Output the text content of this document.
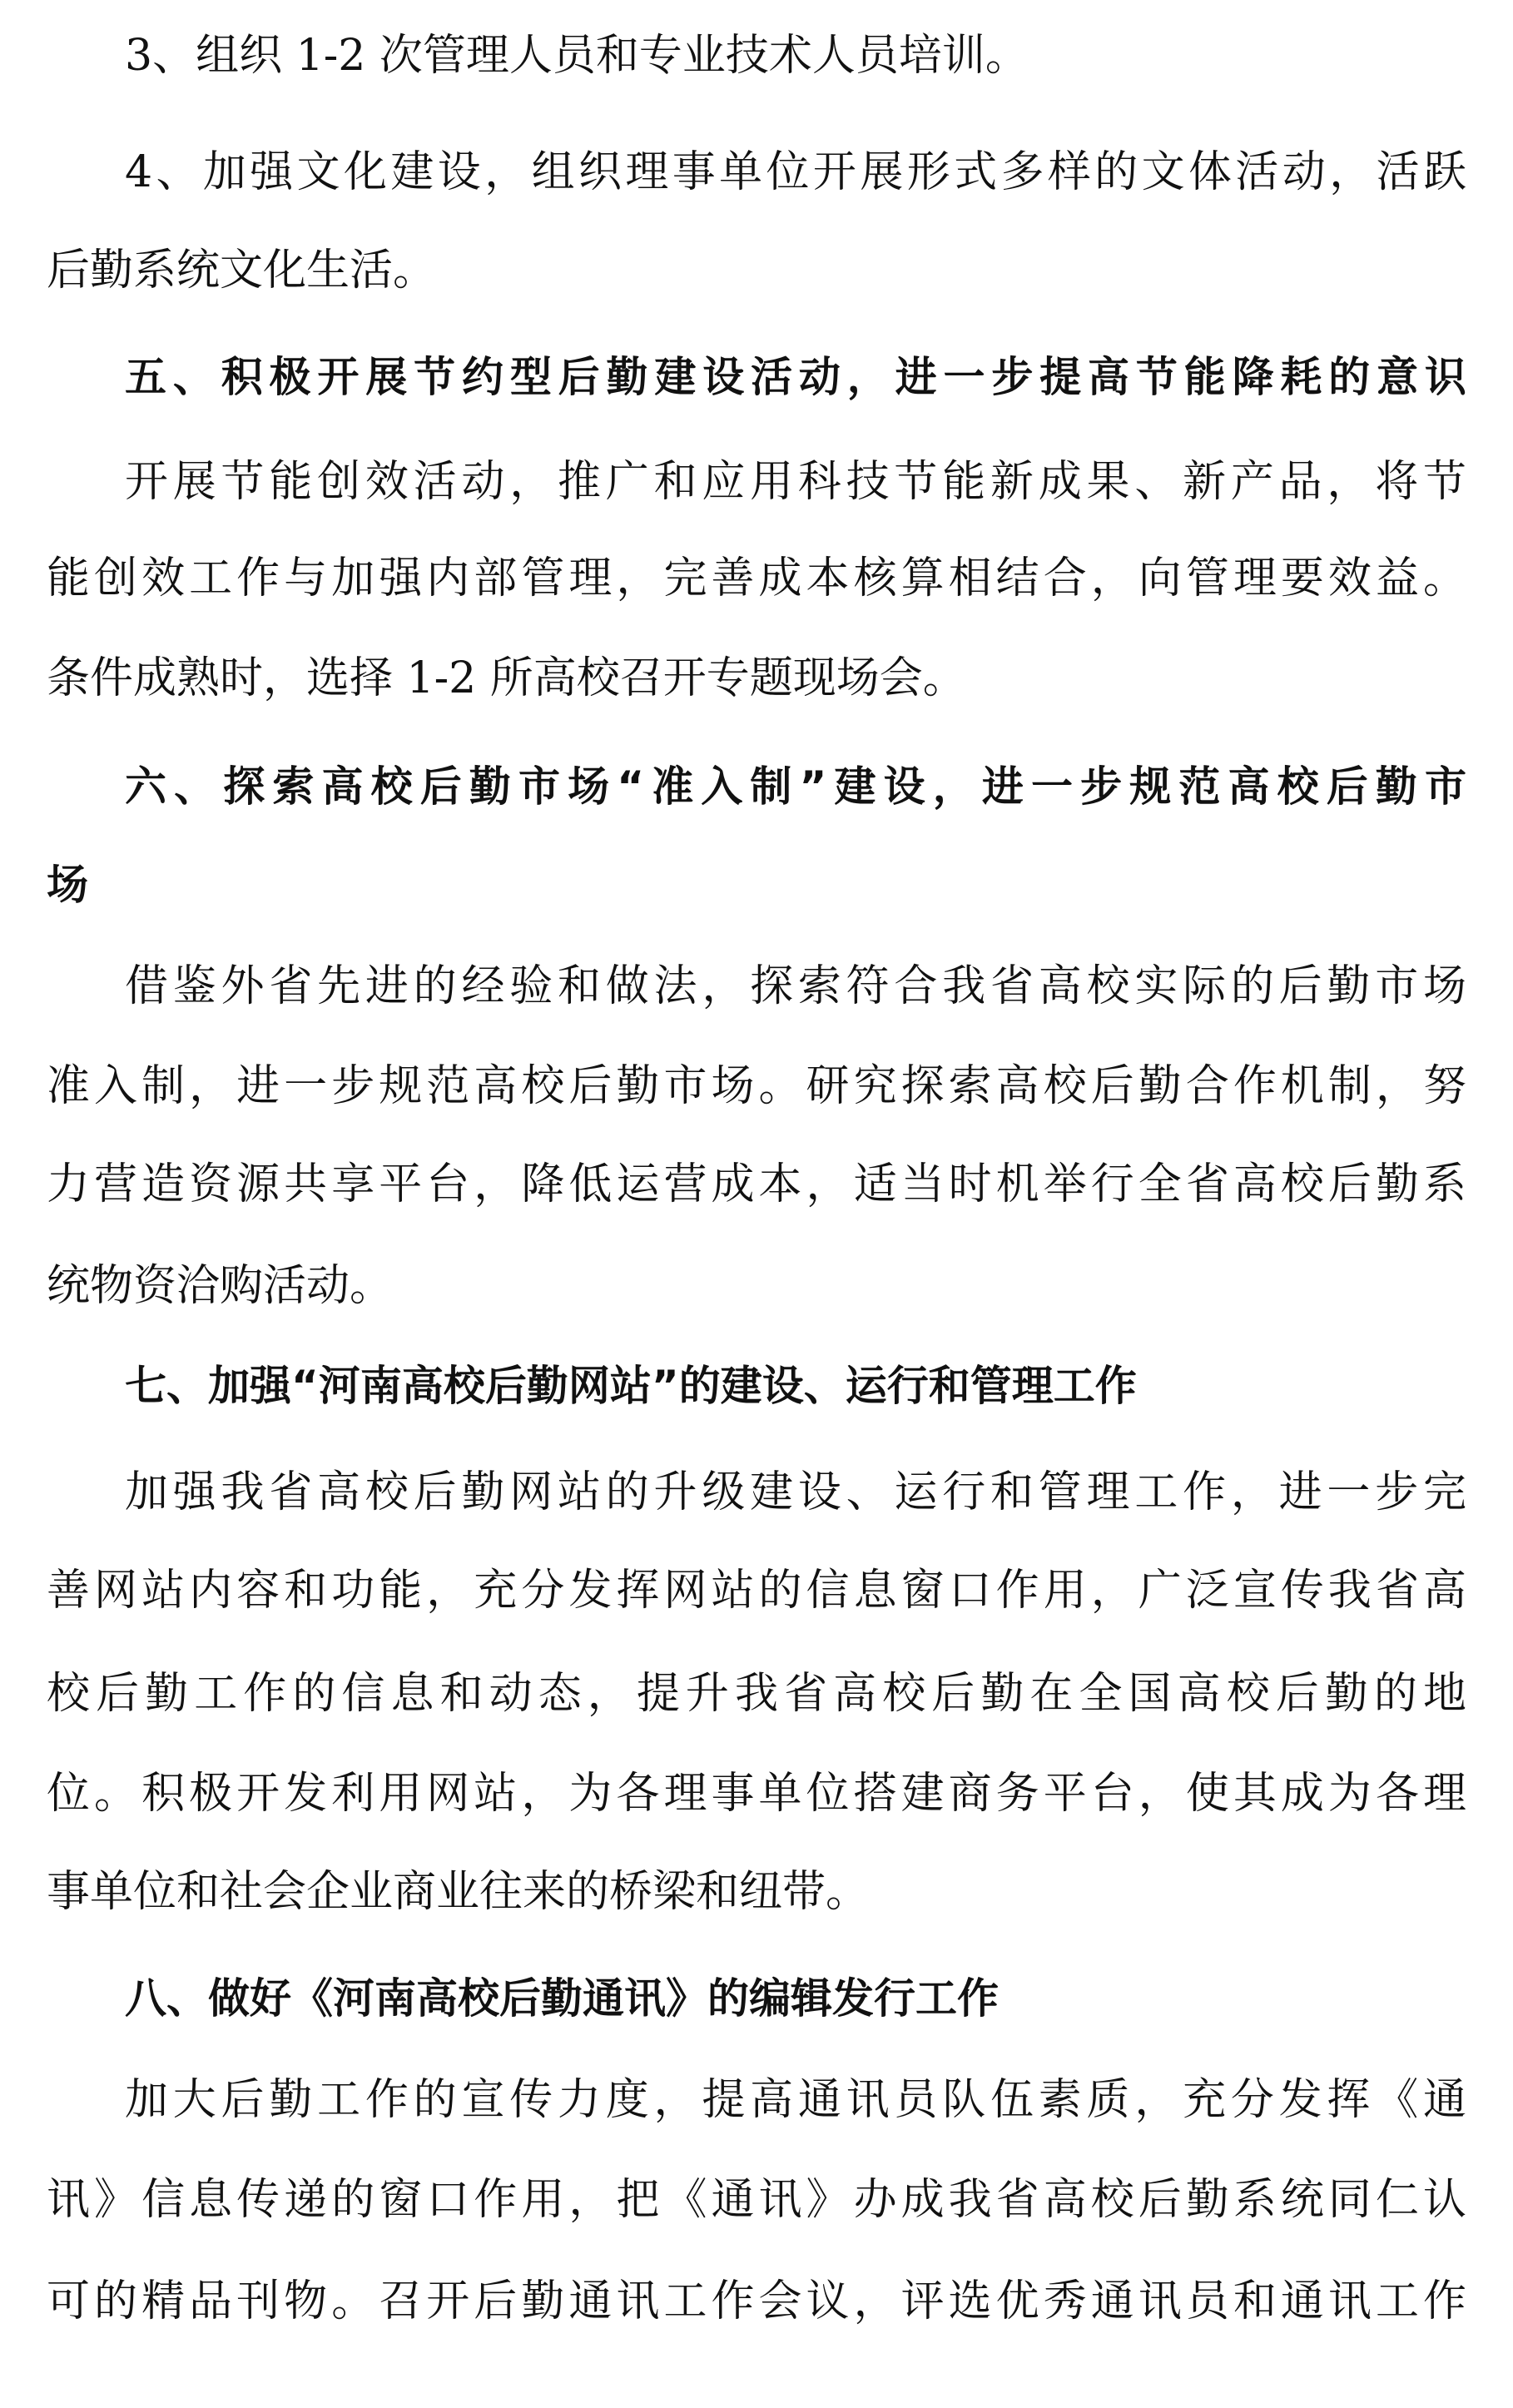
3、组织 1-2 次管理人员和专业技术人员培训。
4、加强文化建设，组织理事单位开展形式多样的文体活动，活跃
后勤系统文化生活。
五、积极开展节约型后勤建设活动，进一步提高节能降耗的意识
开展节能创效活动，推广和应用科技节能新成果、新产品，将节
能创效工作与加强内部管理，完善成本核算相结合，向管理要效益。
条件成熟时，选择 1-2 所高校召开专题现场会。
六、探索高校后勤市场“准入制”建设，进一步规范高校后勤市
场
借鉴外省先进的经验和做法，探索符合我省高校实际的后勤市场
准入制，进一步规范高校后勤市场。研究探索高校后勤合作机制，努
力营造资源共享平台，降低运营成本，适当时机举行全省高校后勤系
统物资洽购活动。
七、加强“河南高校后勤网站”的建设、运行和管理工作
加强我省高校后勤网站的升级建设、运行和管理工作，进一步完
善网站内容和功能，充分发挥网站的信息窗口作用，广泛宣传我省高
校后勤工作的信息和动态，提升我省高校后勤在全国高校后勤的地
位。积极开发利用网站，为各理事单位搭建商务平台，使其成为各理
事单位和社会企业商业往来的桥梁和纽带。
八、做好《河南高校后勤通讯》的编辑发行工作
加大后勤工作的宣传力度，提高通讯员队伍素质，充分发挥《通
讯》信息传递的窗口作用，把《通讯》办成我省高校后勤系统同仁认
可的精品刊物。召开后勤通讯工作会议，评选优秀通讯员和通讯工作
